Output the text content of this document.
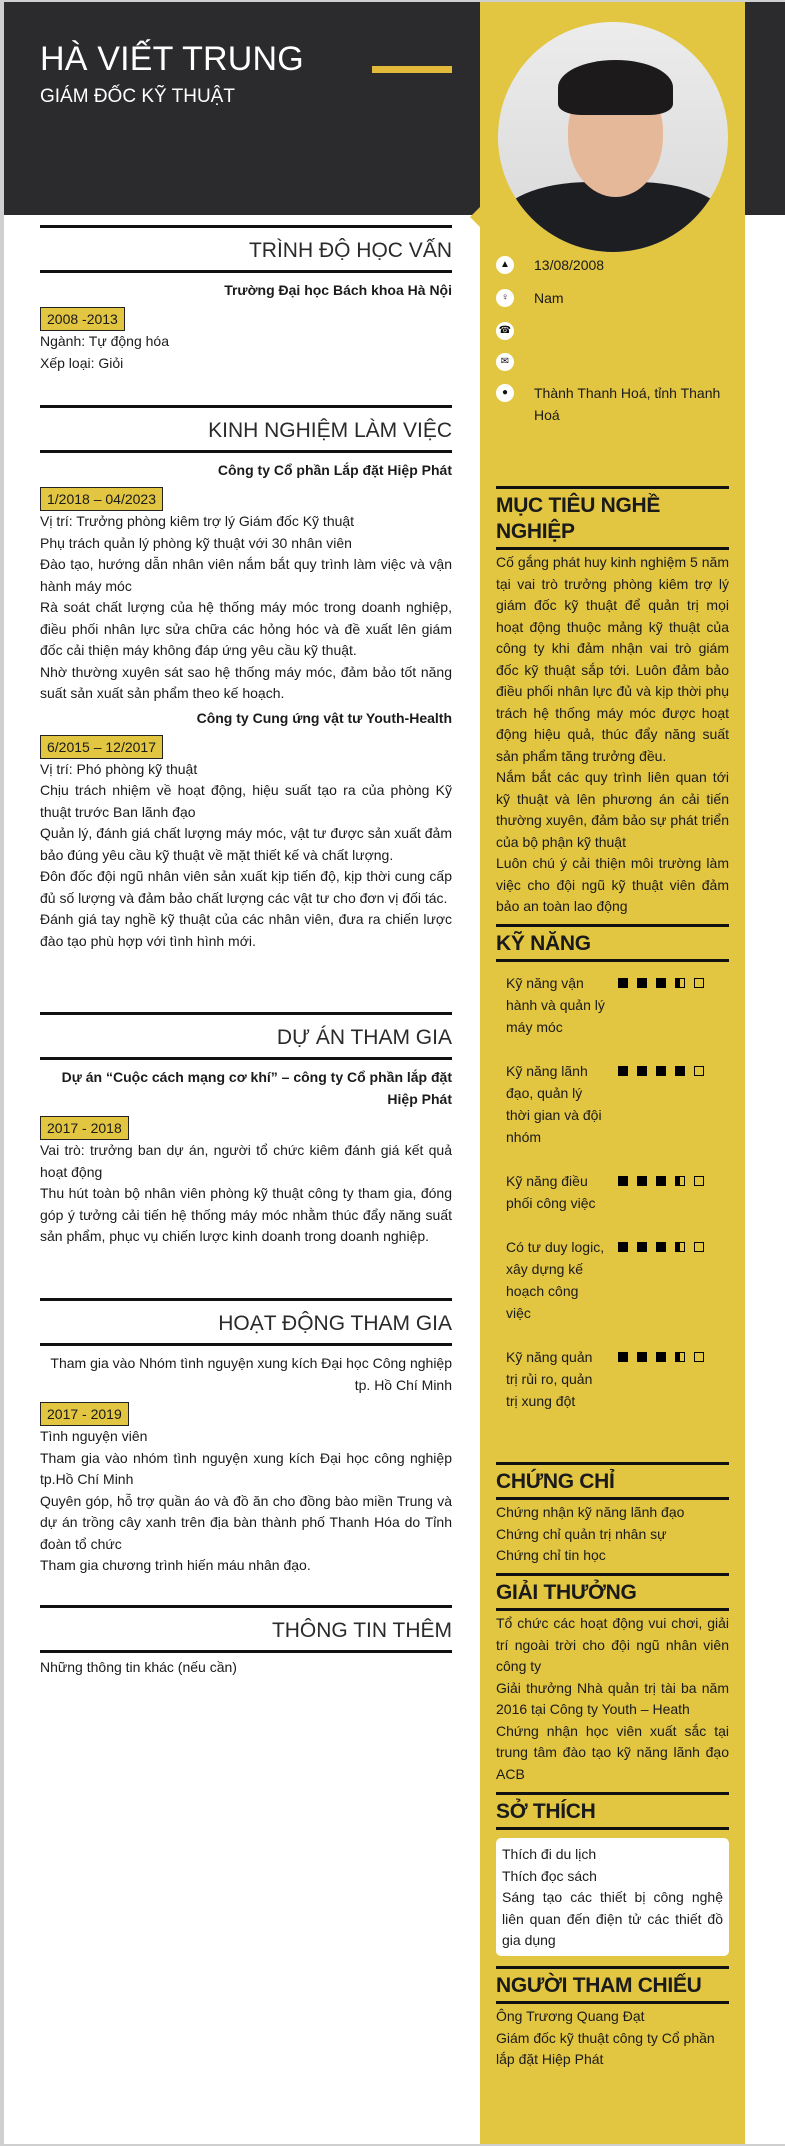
HÀ VIẾT TRUNG
GIÁM ĐỐC KỸ THUẬT
▲ 13/08/2008
♀	Nam
☎
✉
●	Thành Thanh Hoá, tỉnh Thanh Hoá
MỤC TIÊU NGHỀ NGHIỆP

Cố gắng phát huy kinh nghiệm 5 năm tại vai trò trưởng phòng kiêm trợ lý giám đốc kỹ thuật để quản trị mọi hoạt động thuộc mảng kỹ thuật của công ty khi đảm nhận vai trò giám đốc kỹ thuật sắp tới. Luôn đảm bảo điều phối nhân lực đủ và kịp thời phụ trách hệ thống máy móc được hoạt động hiệu quả, thúc đẩy năng suất sản phẩm tăng trưởng đều.

Nắm bắt các quy trình liên quan tới kỹ thuật và lên phương án cải tiến thường xuyên, đảm bảo sự phát triển của bộ phận kỹ thuật

Luôn chú ý cải thiện môi trường làm việc cho đội ngũ kỹ thuật viên đảm bảo an toàn lao động

KỸ NĂNG
Kỹ năng vận hành và quản lý máy móc
Kỹ năng lãnh đạo, quản lý thời gian và đội nhóm
Kỹ năng điều phối công việc
Có tư duy logic, xây dựng kế hoạch công việc
Kỹ năng quản trị rủi ro, quản trị xung đột
CHỨNG CHỈ

Chứng nhận kỹ năng lãnh đạo

Chứng chỉ quản trị nhân sự

Chứng chỉ tin học

GIẢI THƯỞNG

Tổ chức các hoạt động vui chơi, giải trí ngoài trời cho đội ngũ nhân viên công ty

Giải thưởng Nhà quản trị tài ba năm 2016 tại Công ty Youth – Heath

Chứng nhận học viên xuất sắc tại trung tâm đào tạo kỹ năng lãnh đạo ACB

SỞ THÍCH

Thích đi du lịch

Thích đọc sách

Sáng tạo các thiết bị công nghệ liên quan đến điện tử các thiết đồ gia dụng

NGƯỜI THAM CHIẾU

Ông Trương Quang Đạt

Giám đốc kỹ thuật công ty Cổ phần lắp đặt Hiệp Phát

TRÌNH ĐỘ HỌC VẤN
Trường Đại học Bách khoa Hà Nội
2008 -2013

Ngành: Tự động hóa

Xếp loại: Giỏi

KINH NGHIỆM LÀM VIỆC
Công ty Cổ phần Lắp đặt Hiệp Phát
1/2018 – 04/2023

Vị trí: Trưởng phòng kiêm trợ lý Giám đốc Kỹ thuật

Phụ trách quản lý phòng kỹ thuật với 30 nhân viên

Đào tạo, hướng dẫn nhân viên nắm bắt quy trình làm việc và vận hành máy móc

Rà soát chất lượng của hệ thống máy móc trong doanh nghiệp, điều phối nhân lực sửa chữa các hỏng hóc và đề xuất lên giám đốc cải thiện máy không đáp ứng yêu cầu kỹ thuật.

Nhờ thường xuyên sát sao hệ thống máy móc, đảm bảo tốt năng suất sản xuất sản phẩm theo kế hoạch.

Công ty Cung ứng vật tư Youth-Health
6/2015 – 12/2017

Vị trí: Phó phòng kỹ thuật

Chịu trách nhiệm về hoạt động, hiệu suất tạo ra của phòng Kỹ thuật trước Ban lãnh đạo

Quản lý, đánh giá chất lượng máy móc, vật tư được sản xuất đảm bảo đúng yêu cầu kỹ thuật về mặt thiết kế và chất lượng.

Đôn đốc đội ngũ nhân viên sản xuất kịp tiến độ, kịp thời cung cấp đủ số lượng và đảm bảo chất lượng các vật tư cho đơn vị đối tác.

Đánh giá tay nghề kỹ thuật của các nhân viên, đưa ra chiến lược đào tạo phù hợp với tình hình mới.

DỰ ÁN THAM GIA
Dự án “Cuộc cách mạng cơ khí” – công ty Cổ phần lắp đặt Hiệp Phát
2017 - 2018

Vai trò: trưởng ban dự án, người tổ chức kiêm đánh giá kết quả hoạt động

Thu hút toàn bộ nhân viên phòng kỹ thuật công ty tham gia, đóng góp ý tưởng cải tiến hệ thống máy móc nhằm thúc đẩy năng suất sản phẩm, phục vụ chiến lược kinh doanh trong doanh nghiệp.

HOẠT ĐỘNG THAM GIA
Tham gia vào Nhóm tình nguyện xung kích Đại học Công nghiệp tp. Hồ Chí Minh
2017 - 2019

Tình nguyện viên

Tham gia vào nhóm tình nguyện xung kích Đại học công nghiệp tp.Hồ Chí Minh

Quyên góp, hỗ trợ quần áo và đồ ăn cho đồng bào miền Trung và dự án trồng cây xanh trên địa bàn thành phố Thanh Hóa do Tỉnh đoàn tổ chức

Tham gia chương trình hiến máu nhân đạo.

THÔNG TIN THÊM

Những thông tin khác (nếu cần)
